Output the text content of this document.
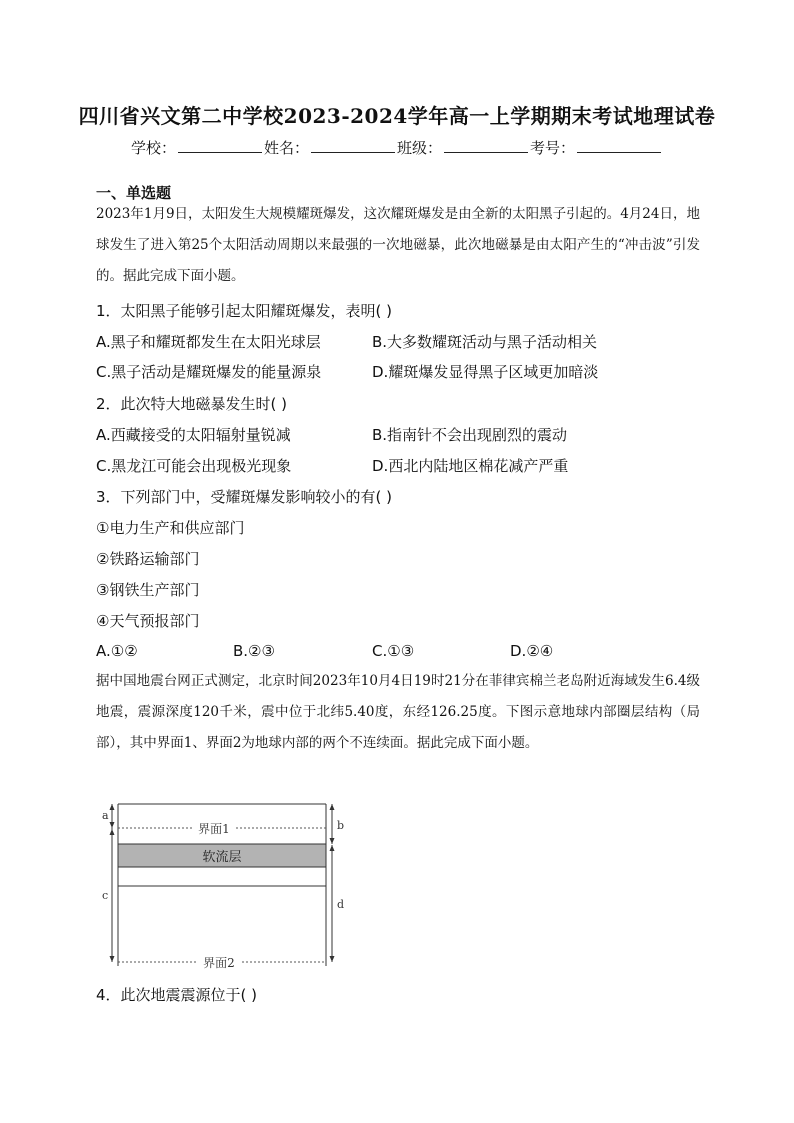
四川省兴文第二中学校2023-2024学年高一上学期期末考试地理试卷
学校：	姓名：	班级：	考号：
一、单选题
2023年1月9日，太阳发生大规模耀斑爆发，这次耀斑爆发是由全新的太阳黑子引起的。4月24日，地球发生了进入第25个太阳活动周期以来最强的一次地磁暴，此次地磁暴是由太阳产生的“冲击波”引发的。据此完成下面小题。
1．太阳黑子能够引起太阳耀斑爆发，表明( )
A.黑子和耀斑都发生在太阳光球层	B.大多数耀斑活动与黑子活动相关
C.黑子活动是耀斑爆发的能量源泉	D.耀斑爆发显得黑子区域更加暗淡
2．此次特大地磁暴发生时( )
A.西藏接受的太阳辐射量锐减	B.指南针不会出现剧烈的震动
C.黑龙江可能会出现极光现象	D.西北内陆地区棉花减产严重
3．下列部门中，受耀斑爆发影响较小的有( )
①电力生产和供应部门
②铁路运输部门
③钢铁生产部门
④天气预报部门
A.①②	B.②③	C.①③	D.②④
据中国地震台网正式测定，北京时间2023年10月4日19时21分在菲律宾棉兰老岛附近海域发生6.4级地震，震源深度120千米，震中位于北纬5.40度，东经126.25度。下图示意地球内部圈层结构（局部），其中界面1、界面2为地球内部的两个不连续面。据此完成下面小题。
界面1
软流层
界面2
a
c
b
d
4．此次地震震源位于( )
